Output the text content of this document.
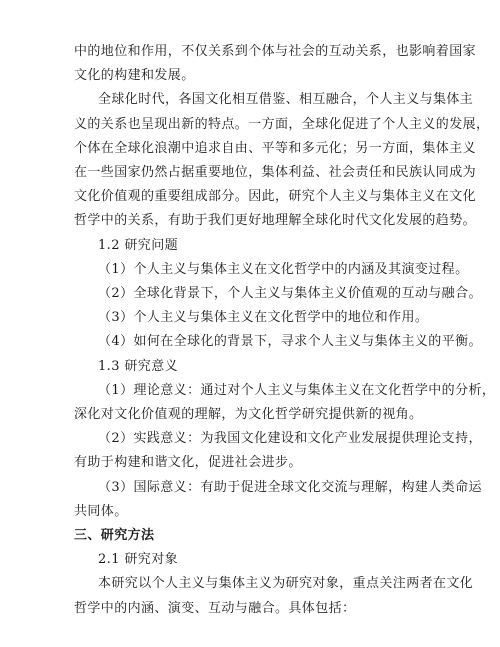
中的地位和作用，不仅关系到个体与社会的互动关系，也影响着国家
文化的构建和发展。
全球化时代，各国文化相互借鉴、相互融合，个人主义与集体主
义的关系也呈现出新的特点。一方面，全球化促进了个人主义的发展，
个体在全球化浪潮中追求自由、平等和多元化；另一方面，集体主义
在一些国家仍然占据重要地位，集体利益、社会责任和民族认同成为
文化价值观的重要组成部分。因此，研究个人主义与集体主义在文化
哲学中的关系，有助于我们更好地理解全球化时代文化发展的趋势。
1.2 研究问题
（1）个人主义与集体主义在文化哲学中的内涵及其演变过程。
（2）全球化背景下，个人主义与集体主义价值观的互动与融合。
（3）个人主义与集体主义在文化哲学中的地位和作用。
（4）如何在全球化的背景下，寻求个人主义与集体主义的平衡。
1.3 研究意义
（1）理论意义：通过对个人主义与集体主义在文化哲学中的分析，
深化对文化价值观的理解，为文化哲学研究提供新的视角。
（2）实践意义：为我国文化建设和文化产业发展提供理论支持，
有助于构建和谐文化，促进社会进步。
（3）国际意义：有助于促进全球文化交流与理解，构建人类命运
共同体。
三、研究方法
2.1 研究对象
本研究以个人主义与集体主义为研究对象，重点关注两者在文化
哲学中的内涵、演变、互动与融合。具体包括：
